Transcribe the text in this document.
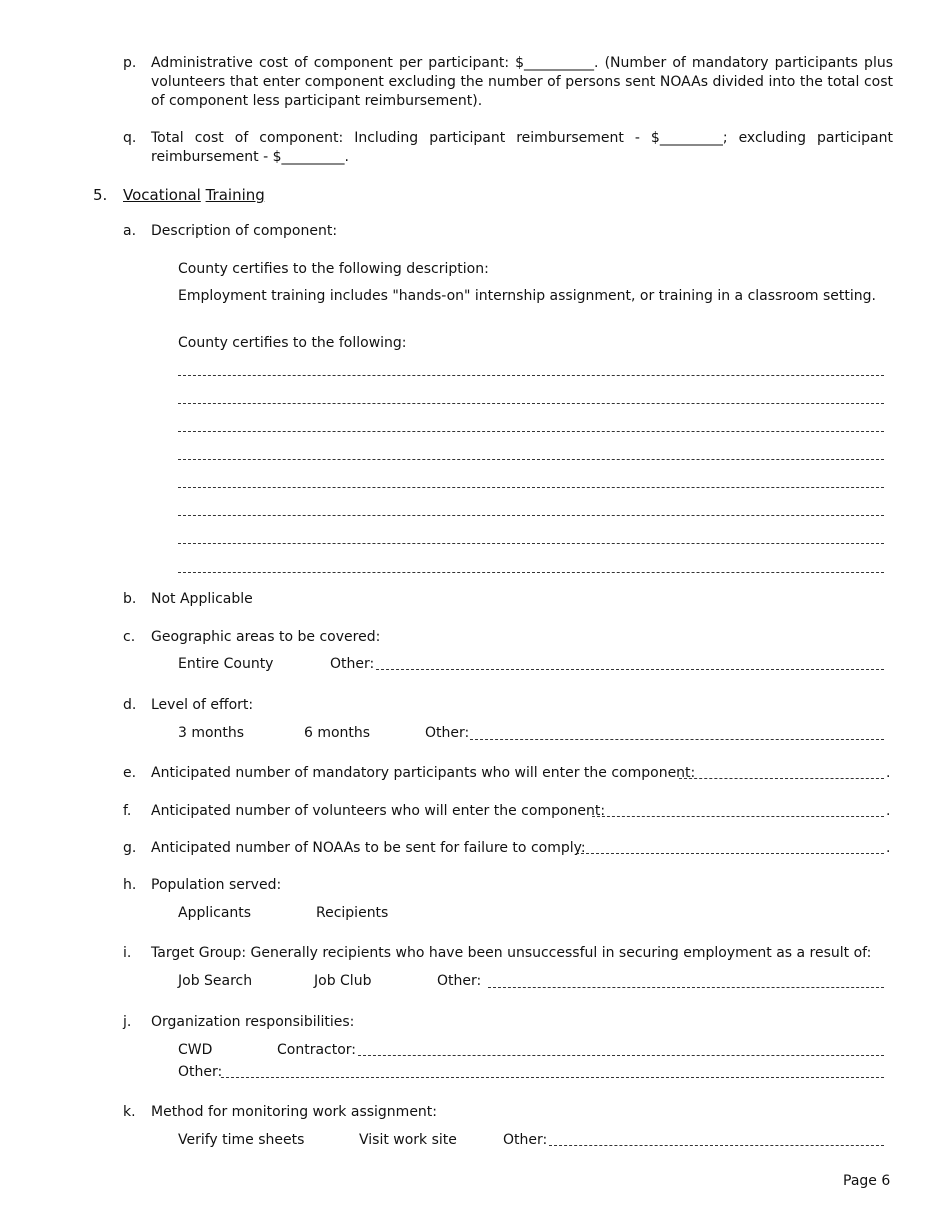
p. Administrative cost of component per participant: $__________. (Number of mandatory participants plus volunteers that enter component excluding the number of persons sent NOAAs divided into the total cost of component less participant reimbursement).
q. Total cost of component: Including participant reimbursement - $_________; excluding participant reimbursement - $_________.
5. Vocational Training
a. Description of component:
County certifies to the following description:
Employment training includes "hands-on" internship assignment, or training in a classroom setting.
County certifies to the following:
b. Not Applicable
c. Geographic areas to be covered:
Entire County	Other:
d. Level of effort:
3 months	6 months	Other:
e. Anticipated number of mandatory participants who will enter the component:	.
f. Anticipated number of volunteers who will enter the component:	.
g. Anticipated number of NOAAs to be sent for failure to comply:	.
h. Population served:
Applicants	Recipients
i. Target Group: Generally recipients who have been unsuccessful in securing employment as a result of:
Job Search	Job Club	Other:
j. Organization responsibilities:
CWD	Contractor:
Other:
k. Method for monitoring work assignment:
Verify time sheets	Visit work site	Other:
Page 6
